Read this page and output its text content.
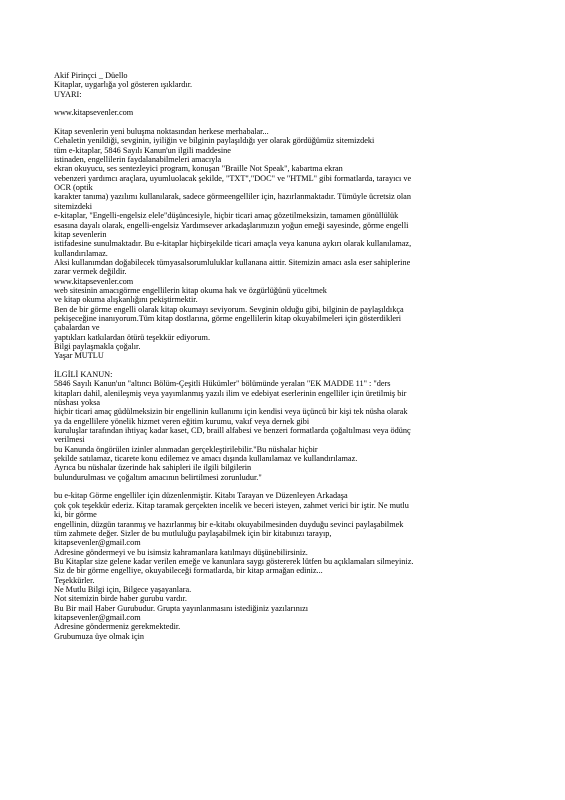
Akif Pirinçci _ Düello
Kitaplar, uygarlığa yol gösteren ışıklardır.
UYARI:
www.kitapsevenler.com
Kitap sevenlerin yeni buluşma noktasından herkese merhabalar...
Cehaletin yenildiği, sevginin, iyiliğin ve bilginin paylaşıldığı yer olarak gördüğümüz sitemizdeki
tüm e-kitaplar, 5846 Sayılı Kanun'un ilgili maddesine
istinaden, engellilerin faydalanabilmeleri amacıyla
ekran okuyucu, ses sentezleyici program, konuşan "Braille Not Speak", kabartma ekran
vebenzeri yardımcı araçlara, uyumluolacak şekilde, "TXT","DOC" ve "HTML" gibi formatlarda, tarayıcı ve
OCR (optik
karakter tanıma) yazılımı kullanılarak, sadece görmeengelliler için, hazırlanmaktadır. Tümüyle ücretsiz olan
sitemizdeki
e-kitaplar, "Engelli-engelsiz elele"düşüncesiyle, hiçbir ticari amaç gözetilmeksizin, tamamen gönüllülük
esasına dayalı olarak, engelli-engelsiz Yardımsever arkadaşlarımızın yoğun emeği sayesinde, görme engelli
kitap sevenlerin
istifadesine sunulmaktadır. Bu e-kitaplar hiçbirşekilde ticari amaçla veya kanuna aykırı olarak kullanılamaz,
kullandırılamaz.
Aksi kullanımdan doğabilecek tümyasalsorumluluklar kullanana aittir. Sitemizin amacı asla eser sahiplerine
zarar vermek değildir.
www.kitapsevenler.com
web sitesinin amacıgörme engellilerin kitap okuma hak ve özgürlüğünü yüceltmek
ve kitap okuma alışkanlığını pekiştirmektir.
Ben de bir görme engelli olarak kitap okumayı seviyorum. Sevginin olduğu gibi, bilginin de paylaşıldıkça
pekişeceğine inanıyorum.Tüm kitap dostlarına, görme engellilerin kitap okuyabilmeleri için gösterdikleri
çabalardan ve
yaptıkları katkılardan ötürü teşekkür ediyorum.
Bilgi paylaşmakla çoğalır.
Yaşar MUTLU
İLGİLİ KANUN:
5846 Sayılı Kanun'un "altıncı Bölüm-Çeşitli Hükümler" bölümünde yeralan "EK MADDE 11" : "ders
kitapları dahil, alenileşmiş veya yayımlanmış yazılı ilim ve edebiyat eserlerinin engelliler için üretilmiş bir
nüshası yoksa
hiçbir ticari amaç güdülmeksizin bir engellinin kullanımı için kendisi veya üçüncü bir kişi tek nüsha olarak
ya da engellilere yönelik hizmet veren eğitim kurumu, vakıf veya dernek gibi
kuruluşlar tarafından ihtiyaç kadar kaset, CD, braill alfabesi ve benzeri formatlarda çoğaltılması veya ödünç
verilmesi
bu Kanunda öngörülen izinler alınmadan gerçekleştirilebilir."Bu nüshalar hiçbir
şekilde satılamaz, ticarete konu edilemez ve amacı dışında kullanılamaz ve kullandırılamaz.
Ayrıca bu nüshalar üzerinde hak sahipleri ile ilgili bilgilerin
bulundurulması ve çoğaltım amacının belirtilmesi zorunludur."
bu e-kitap Görme engelliler için düzenlenmiştir. Kitabı Tarayan ve Düzenleyen Arkadaşa
çok çok teşekkür ederiz. Kitap taramak gerçekten incelik ve beceri isteyen, zahmet verici bir iştir. Ne mutlu
ki, bir görme
engellinin, düzgün taranmış ve hazırlanmış bir e-kitabı okuyabilmesinden duyduğu sevinci paylaşabilmek
tüm zahmete değer. Sizler de bu mutluluğu paylaşabilmek için bir kitabınızı tarayıp,
kitapsevenler@gmail.com
Adresine göndermeyi ve bu isimsiz kahramanlara katılmayı düşünebilirsiniz.
Bu Kitaplar size gelene kadar verilen emeğe ve kanunlara saygı göstererek lütfen bu açıklamaları silmeyiniz.
Siz de bir görme engelliye, okuyabileceği formatlarda, bir kitap armağan ediniz...
Teşekkürler.
Ne Mutlu Bilgi için, Bilgece yaşayanlara.
Not sitemizin birde haber gurubu vardır.
Bu Bir mail Haber Gurubudur. Grupta yayınlanmasını istediğiniz yazılarınızı
kitapsevenler@gmail.com
Adresine göndermeniz gerekmektedir.
Grubumuza üye olmak için
